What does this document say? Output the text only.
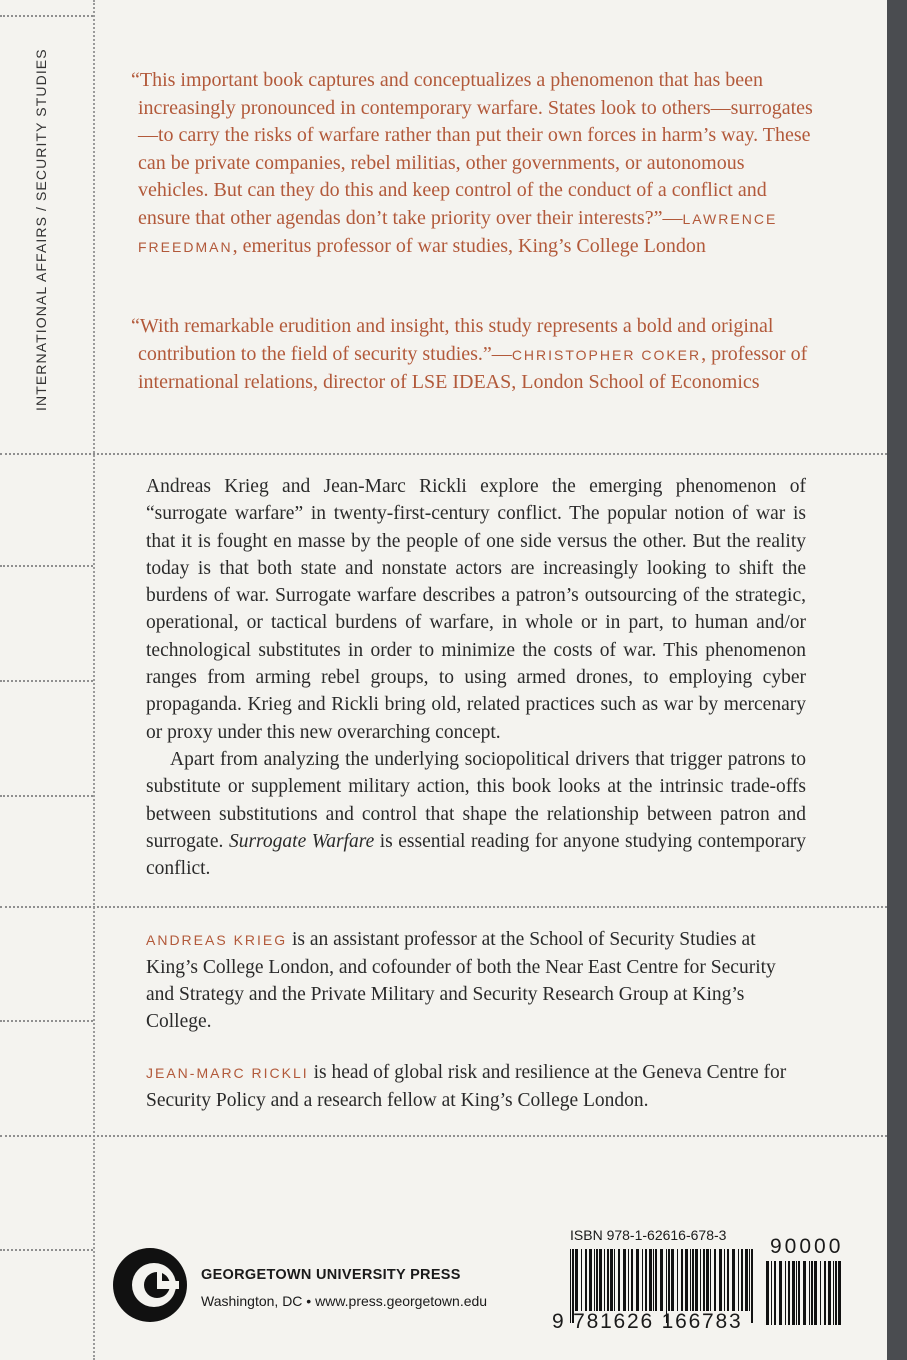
INTERNATIONAL AFFAIRS / SECURITY STUDIES	“This important book captures and conceptualizes a phenomenon that has been increasingly pronounced in contemporary warfare. States look to others—surrogates—to carry the risks of warfare rather than put their own forces in harm’s way. These can be private companies, rebel militias, other governments, or autonomous vehicles. But can they do this and keep control of the conduct of a conflict and ensure that other agendas don’t take priority over their interests?”—LAWRENCE FREEDMAN, emeritus professor of war studies, King’s College London

“With remarkable erudition and insight, this study represents a bold and original contribution to the field of security studies.”—CHRISTOPHER COKER, professor of international relations, director of LSE IDEAS, London School of Economics

Andreas Krieg and Jean-Marc Rickli explore the emerging phenomenon of “surrogate warfare” in twenty-first-century conflict. The popular notion of war is that it is fought en masse by the people of one side versus the other. But the reality today is that both state and nonstate actors are increasingly looking to shift the burdens of war. Surrogate warfare describes a patron’s outsourcing of the strategic, operational, or tactical burdens of warfare, in whole or in part, to human and/or technological substitutes in order to minimize the costs of war. This phenomenon ranges from arming rebel groups, to using armed drones, to employing cyber propaganda. Krieg and Rickli bring old, related practices such as war by mercenary or proxy under this new overarching concept.

Apart from analyzing the underlying sociopolitical drivers that trigger patrons to substitute or supplement military action, this book looks at the intrinsic trade-offs between substitutions and control that shape the relationship between patron and surrogate. Surrogate Warfare is essential reading for anyone studying contemporary conflict.

ANDREAS KRIEG is an assistant professor at the School of Security Studies at King’s College London, and cofounder of both the Near East Centre for Security and Strategy and the Private Military and Security Research Group at King’s College.

JEAN-MARC RICKLI is head of global risk and resilience at the Geneva Centre for Security Policy and a research fellow at King’s College London.

GEORGETOWN UNIVERSITY PRESS
Washington, DC • www.press.georgetown.edu
ISBN 978-1-62616-678-3
9 781626 166783
90000
